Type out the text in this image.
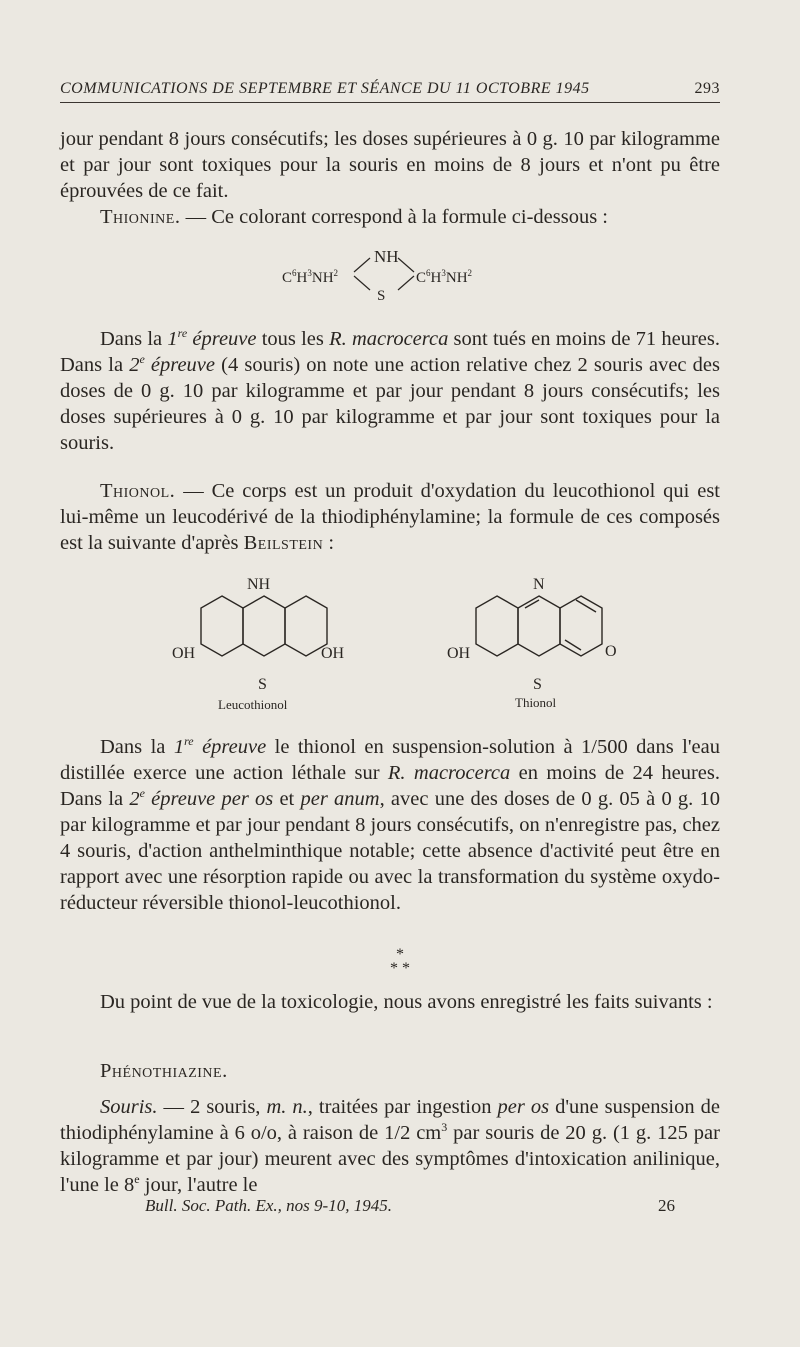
COMMUNICATIONS DE SEPTEMBRE ET SÉANCE DU 11 OCTOBRE 1945	293
jour pendant 8 jours consécutifs; les doses supérieures à 0 g. 10 par kilogramme et par jour sont toxiques pour la souris en moins de 8 jours et n'ont pu être éprouvées de ce fait.
Thionine. — Ce colorant correspond à la formule ci-dessous :
NH
S
$C^6H^3NH^2$	$C^6H^3NH^2$
Dans la 1re épreuve tous les R. macrocerca sont tués en moins de 71 heures. Dans la 2e épreuve (4 souris) on note une action relative chez 2 souris avec des doses de 0 g. 10 par kilogramme et par jour pendant 8 jours consécutifs; les doses supérieures à 0 g. 10 par kilogramme et par jour sont toxiques pour la souris.
Thionol. — Ce corps est un produit d'oxydation du leucothionol qui est lui-même un leucodérivé de la thiodiphénylamine; la formule de ces composés est la suivante d'après Beilstein :
NH
OH	OH
S
Leucothionol
N
OH	O
S
Thionol
Dans la 1re épreuve le thionol en suspension-solution à 1/500 dans l'eau distillée exerce une action léthale sur R. macrocerca en moins de 24 heures. Dans la 2e épreuve per os et per anum, avec une des doses de 0 g. 05 à 0 g. 10 par kilogramme et par jour pendant 8 jours consécutifs, on n'enregistre pas, chez 4 souris, d'action anthelminthique notable; cette absence d'activité peut être en rapport avec une résorption rapide ou avec la transformation du système oxydo-réducteur réversible thionol-leucothionol.
*
* *
Du point de vue de la toxicologie, nous avons enregistré les faits suivants :
Phénothiazine.
Souris. — 2 souris, m. n., traitées par ingestion per os d'une suspension de thiodiphénylamine à 6 o/o, à raison de 1/2 $cm^3$ par souris de 20 g. (1 g. 125 par kilogramme et par jour) meurent avec des symptômes d'intoxication anilinique, l'une le 8e jour, l'autre le
Bull. Soc. Path. Ex., nos 9-10, 1945.	26
